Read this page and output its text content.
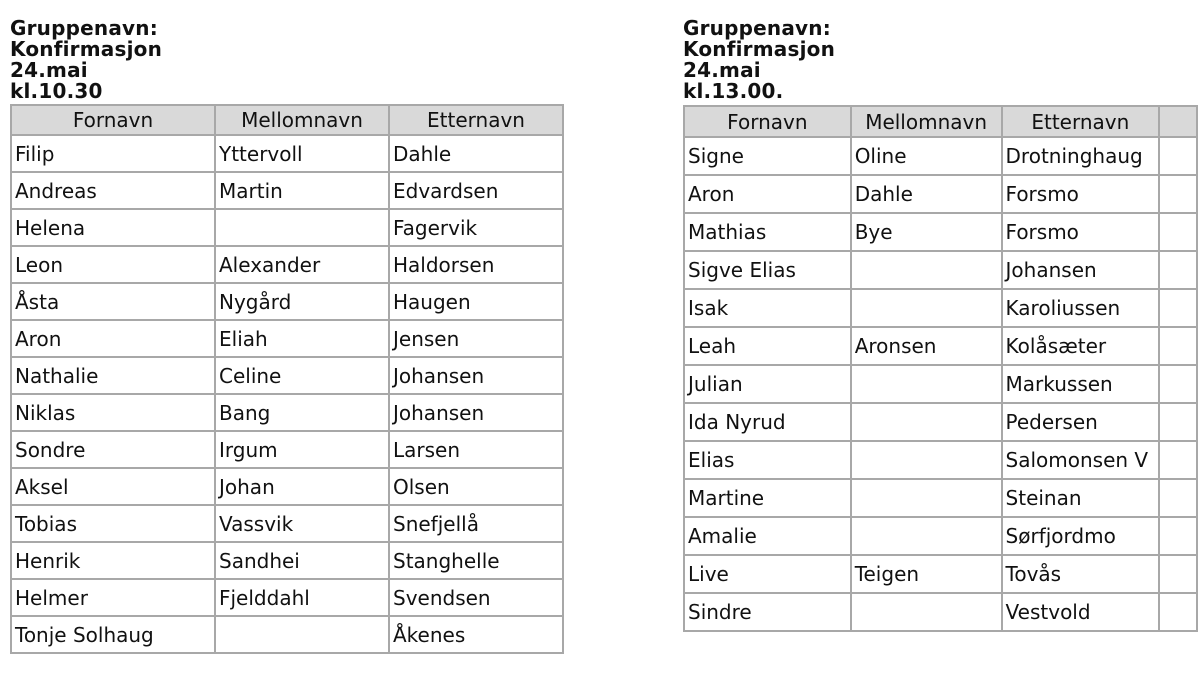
Gruppenavn:
Konfirmasjon
24.mai
kl.10.30
Fornavn	Mellomnavn	Etternavn
Filip	Yttervoll	Dahle
Andreas	Martin	Edvardsen
Helena		Fagervik
Leon	Alexander	Haldorsen
Åsta	Nygård	Haugen
Aron	Eliah	Jensen
Nathalie	Celine	Johansen
Niklas	Bang	Johansen
Sondre	Irgum	Larsen
Aksel	Johan	Olsen
Tobias	Vassvik	Snefjellå
Henrik	Sandhei	Stanghelle
Helmer	Fjelddahl	Svendsen
Tonje Solhaug		Åkenes
Gruppenavn:
Konfirmasjon
24.mai
kl.13.00.
Fornavn	Mellomnavn	Etternavn	
Signe	Oline	Drotninghaug	
Aron	Dahle	Forsmo	
Mathias	Bye	Forsmo	
Sigve Elias		Johansen	
Isak		Karoliussen	
Leah	Aronsen	Kolåsæter	
Julian		Markussen	
Ida Nyrud		Pedersen	
Elias		Salomonsen V	
Martine		Steinan	
Amalie		Sørfjordmo	
Live	Teigen	Tovås	
Sindre		Vestvold	
